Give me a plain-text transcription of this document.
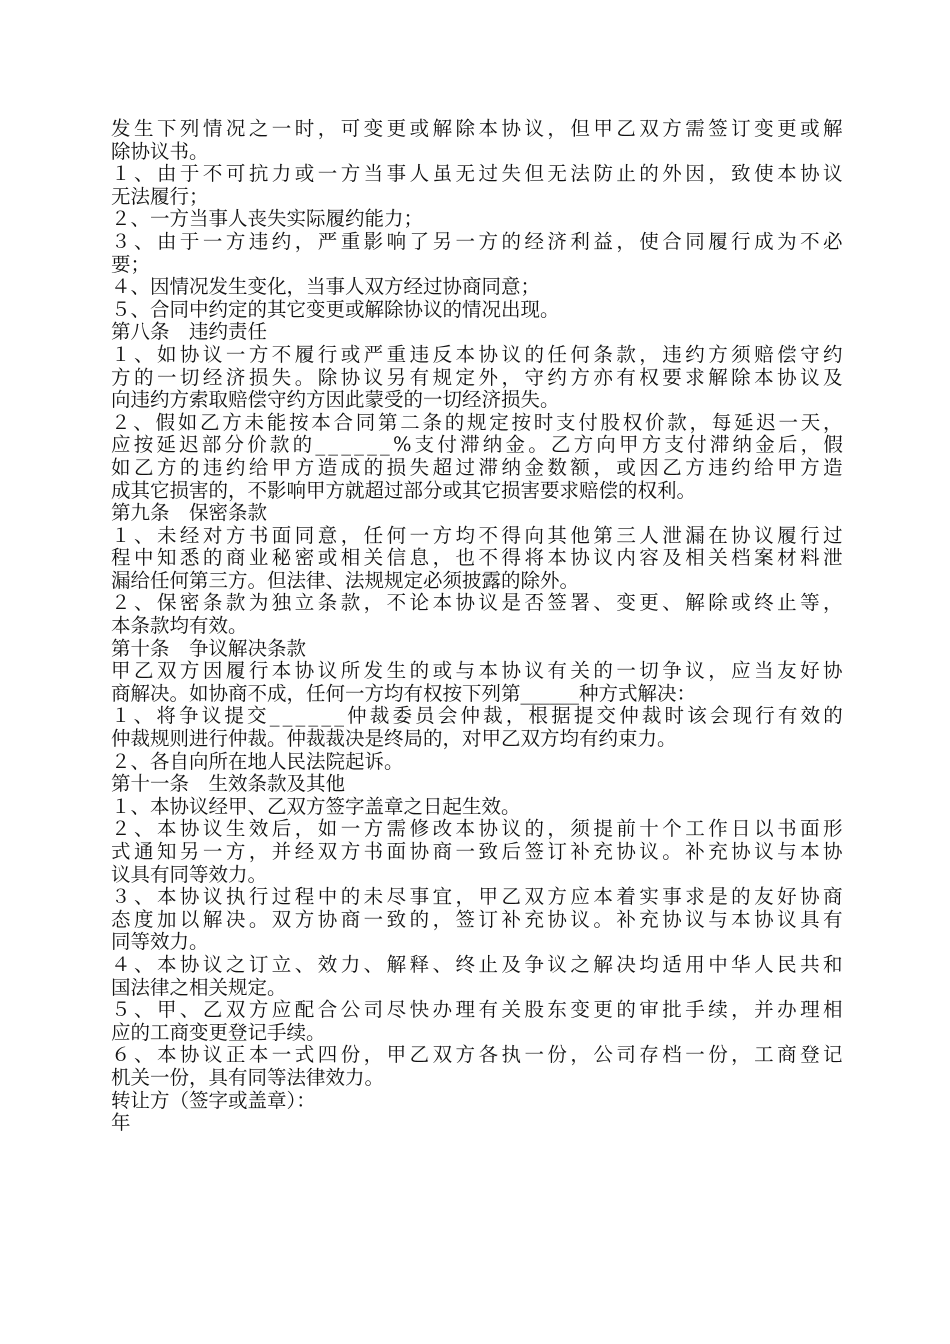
发 生 下 列 情 况 之 一 时 ， 可 变 更 或 解 除 本 协 议 ， 但 甲 乙 双 方 需 签 订 变 更 或 解
除协议书。
１ 、 由 于 不 可 抗 力 或 一 方 当 事 人 虽 无 过 失 但 无 法 防 止 的 外 因 ， 致 使 本 协 议
无法履行；
２、一方当事人丧失实际履约能力；
３ 、 由 于 一 方 违 约 ， 严 重 影 响 了 另 一 方 的 经 济 利 益 ， 使 合 同 履 行 成 为 不 必
要；
４、因情况发生变化，当事人双方经过协商同意；
５、合同中约定的其它变更或解除协议的情况出现。
第八条　违约责任
１ 、 如 协 议 一 方 不 履 行 或 严 重 违 反 本 协 议 的 任 何 条 款 ， 违 约 方 须 赔 偿 守 约
方 的 一 切 经 济 损 失 。 除 协 议 另 有 规 定 外 ， 守 约 方 亦 有 权 要 求 解 除 本 协 议 及
向违约方索取赔偿守约方因此蒙受的一切经济损失。
２ 、 假 如 乙 方 未 能 按 本 合 同 第 二 条 的 规 定 按 时 支 付 股 权 价 款 ， 每 延 迟 一 天 ，
应 按 延 迟 部 分 价 款 的 _ _ _ _ _ _ % 支 付 滞 纳 金 。 乙 方 向 甲 方 支 付 滞 纳 金 后 ， 假
如 乙 方 的 违 约 给 甲 方 造 成 的 损 失 超 过 滞 纳 金 数 额 ， 或 因 乙 方 违 约 给 甲 方 造
成其它损害的，不影响甲方就超过部分或其它损害要求赔偿的权利。
第九条　保密条款
１ 、 未 经 对 方 书 面 同 意 ， 任 何 一 方 均 不 得 向 其 他 第 三 人 泄 漏 在 协 议 履 行 过
程 中 知 悉 的 商 业 秘 密 或 相 关 信 息 ， 也 不 得 将 本 协 议 内 容 及 相 关 档 案 材 料 泄
漏给任何第三方。但法律、法规规定必须披露的除外。
２ 、 保 密 条 款 为 独 立 条 款 ， 不 论 本 协 议 是 否 签 署 、 变 更 、 解 除 或 终 止 等 ，
本条款均有效。
第十条　争议解决条款
甲 乙 双 方 因 履 行 本 协 议 所 发 生 的 或 与 本 协 议 有 关 的 一 切 争 议 ， 应 当 友 好 协
商解决。如协商不成，任何一方均有权按下列第______种方式解决：
１ 、 将 争 议 提 交 _ _ _ _ _ _ 仲 裁 委 员 会 仲 裁 ， 根 据 提 交 仲 裁 时 该 会 现 行 有 效 的
仲裁规则进行仲裁。仲裁裁决是终局的，对甲乙双方均有约束力。
２、各自向所在地人民法院起诉。
第十一条　生效条款及其他
１、本协议经甲、乙双方签字盖章之日起生效。
２ 、 本 协 议 生 效 后 ， 如 一 方 需 修 改 本 协 议 的 ， 须 提 前 十 个 工 作 日 以 书 面 形
式 通 知 另 一 方 ， 并 经 双 方 书 面 协 商 一 致 后 签 订 补 充 协 议 。 补 充 协 议 与 本 协
议具有同等效力。
３ 、 本 协 议 执 行 过 程 中 的 未 尽 事 宜 ， 甲 乙 双 方 应 本 着 实 事 求 是 的 友 好 协 商
态 度 加 以 解 决 。 双 方 协 商 一 致 的 ， 签 订 补 充 协 议 。 补 充 协 议 与 本 协 议 具 有
同等效力。
４ 、 本 协 议 之 订 立 、 效 力 、 解 释 、 终 止 及 争 议 之 解 决 均 适 用 中 华 人 民 共 和
国法律之相关规定。
５ 、 甲 、 乙 双 方 应 配 合 公 司 尽 快 办 理 有 关 股 东 变 更 的 审 批 手 续 ， 并 办 理 相
应的工商变更登记手续。
６ 、 本 协 议 正 本 一 式 四 份 ， 甲 乙 双 方 各 执 一 份 ， 公 司 存 档 一 份 ， 工 商 登 记
机关一份，具有同等法律效力。
转让方（签字或盖章）：
年
